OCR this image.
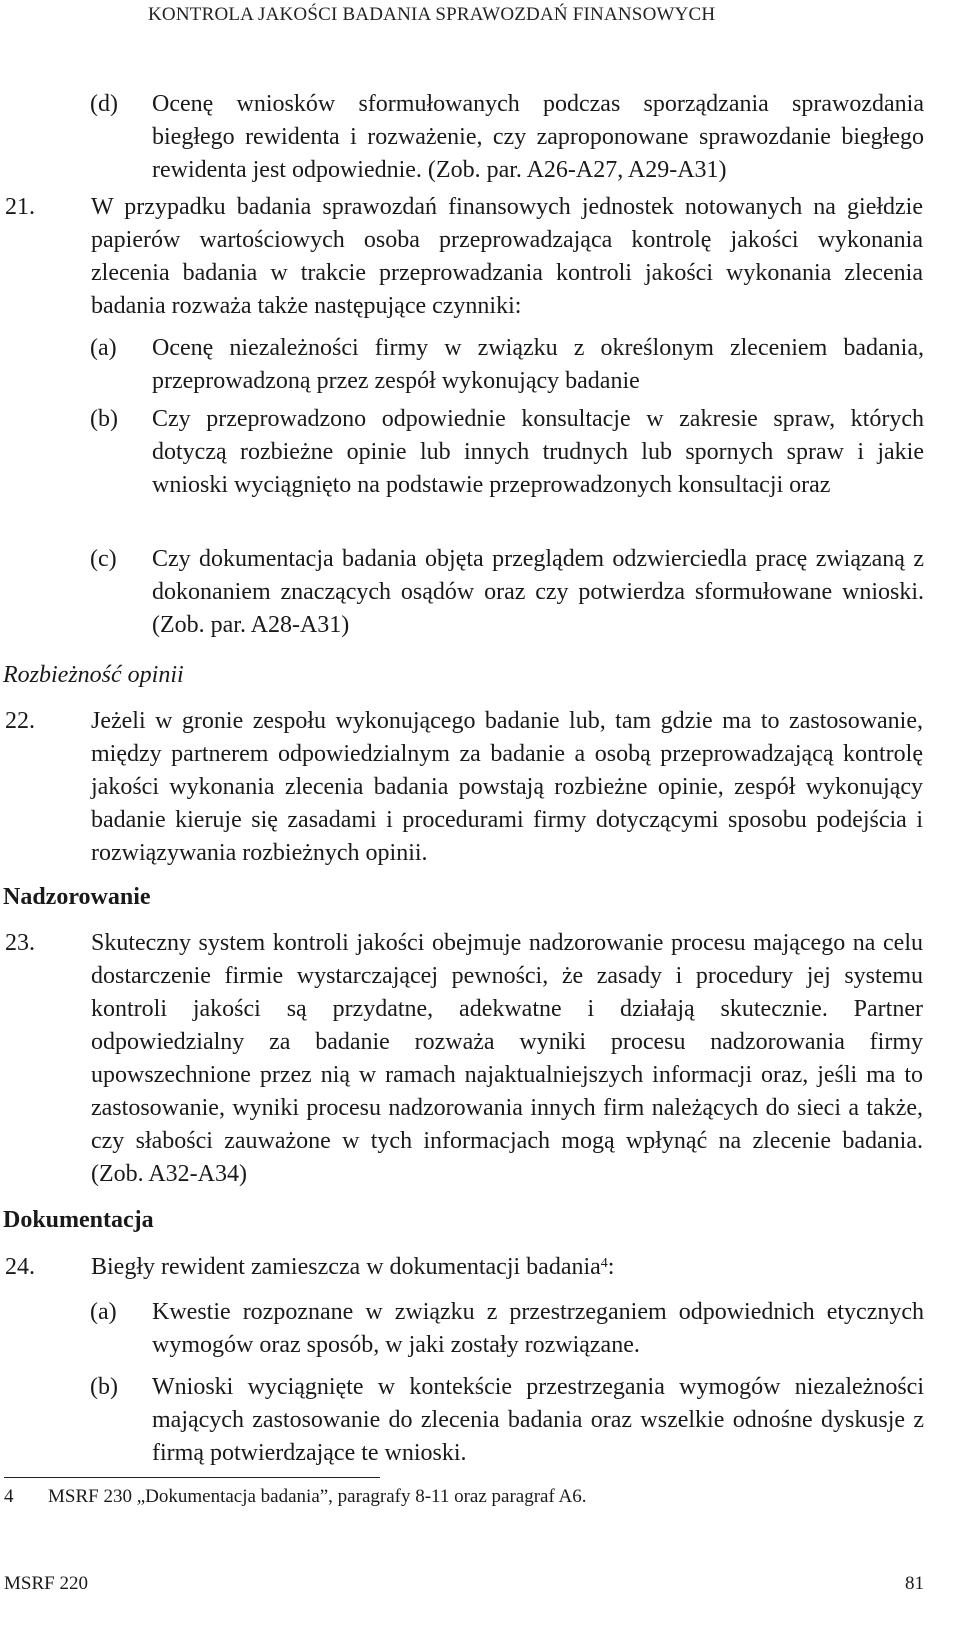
KONTROLA JAKOŚCI BADANIA SPRAWOZDAŃ FINANSOWYCH
(d) Ocenę wniosków sformułowanych podczas sporządzania sprawozdania biegłego rewidenta i rozważenie, czy zaproponowane sprawozdanie biegłego rewidenta jest odpowiednie. (Zob. par. A26-A27, A29-A31)
21. W przypadku badania sprawozdań finansowych jednostek notowanych na giełdzie papierów wartościowych osoba przeprowadzająca kontrolę jakości wykonania zlecenia badania w trakcie przeprowadzania kontroli jakości wykonania zlecenia badania rozważa także następujące czynniki:
(a) Ocenę niezależności firmy w związku z określonym zleceniem badania, przeprowadzoną przez zespół wykonujący badanie
(b) Czy przeprowadzono odpowiednie konsultacje w zakresie spraw, których dotyczą rozbieżne opinie lub innych trudnych lub spornych spraw i jakie wnioski wyciągnięto na podstawie przeprowadzonych konsultacji oraz
(c) Czy dokumentacja badania objęta przeglądem odzwierciedla pracę związaną z dokonaniem znaczących osądów oraz czy potwierdza sformułowane wnioski. (Zob. par. A28-A31)
Rozbieżność opinii
22. Jeżeli w gronie zespołu wykonującego badanie lub, tam gdzie ma to zastosowanie, między partnerem odpowiedzialnym za badanie a osobą przeprowadzającą kontrolę jakości wykonania zlecenia badania powstają rozbieżne opinie, zespół wykonujący badanie kieruje się zasadami i procedurami firmy dotyczącymi sposobu podejścia i rozwiązywania rozbieżnych opinii.
Nadzorowanie
23. Skuteczny system kontroli jakości obejmuje nadzorowanie procesu mającego na celu dostarczenie firmie wystarczającej pewności, że zasady i procedury jej systemu kontroli jakości są przydatne, adekwatne i działają skutecznie. Partner odpowiedzialny za badanie rozważa wyniki procesu nadzorowania firmy upowszechnione przez nią w ramach najaktualniejszych informacji oraz, jeśli ma to zastosowanie, wyniki procesu nadzorowania innych firm należących do sieci a także, czy słabości zauważone w tych informacjach mogą wpłynąć na zlecenie badania. (Zob. A32-A34)
Dokumentacja
24. Biegły rewident zamieszcza w dokumentacji badania$^4$:
(a) Kwestie rozpoznane w związku z przestrzeganiem odpowiednich etycznych wymogów oraz sposób, w jaki zostały rozwiązane.
(b) Wnioski wyciągnięte w kontekście przestrzegania wymogów niezależności mających zastosowanie do zlecenia badania oraz wszelkie odnośne dyskusje z firmą potwierdzające te wnioski.
4 MSRF 230 „Dokumentacja badania”, paragrafy 8-11 oraz paragraf A6.
MSRF 220	81
